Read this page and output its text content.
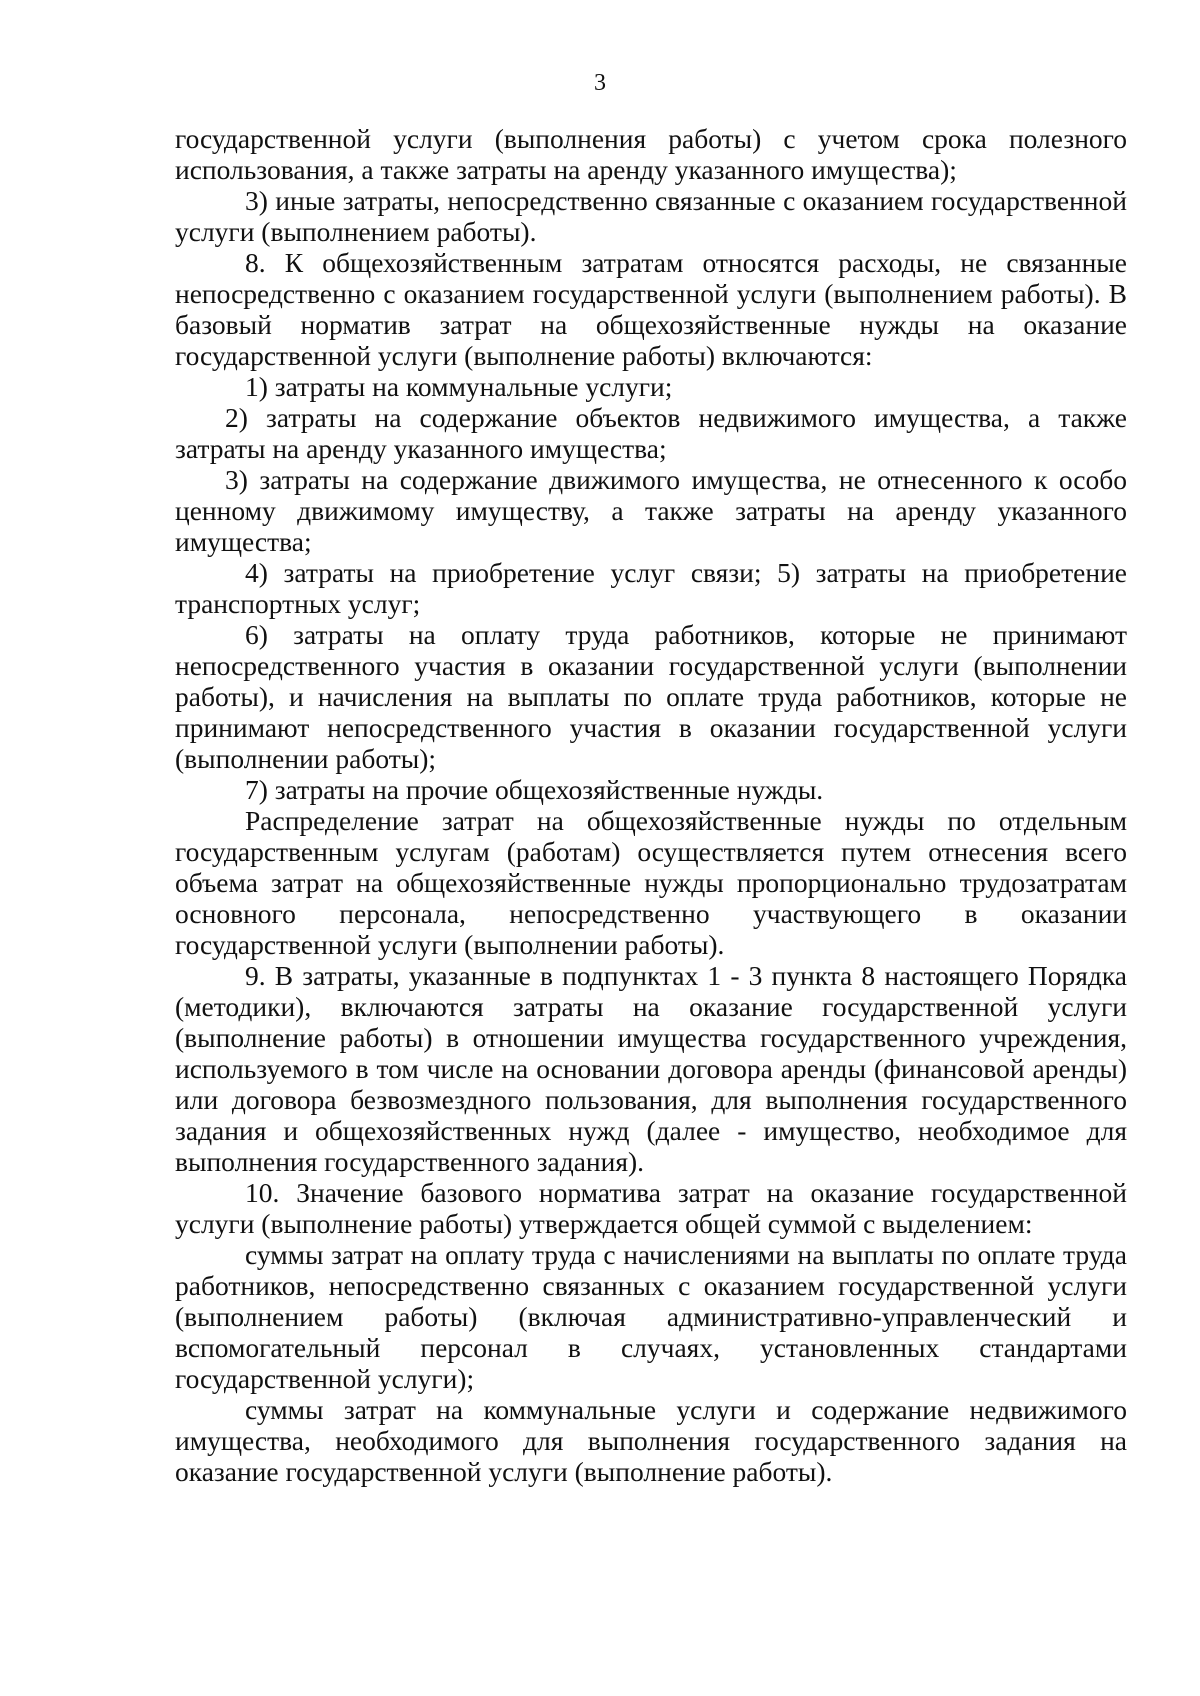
3

государственной услуги (выполнения работы) с учетом срока полезного использования, а также затраты на аренду указанного имущества);

3) иные затраты, непосредственно связанные с оказанием государственной услуги (выполнением работы).

8. К общехозяйственным затратам относятся расходы, не связанные непосредственно с оказанием государственной услуги (выполнением работы). В базовый норматив затрат на общехозяйственные нужды на оказание государственной услуги (выполнение работы) включаются:

1) затраты на коммунальные услуги;

2) затраты на содержание объектов недвижимого имущества, а также затраты на аренду указанного имущества;

3) затраты на содержание движимого имущества, не отнесенного к особо ценному движимому имуществу, а также затраты на аренду указанного имущества;

4) затраты на приобретение услуг связи; 5) затраты на приобретение транспортных услуг;

6) затраты на оплату труда работников, которые не принимают непосредственного участия в оказании государственной услуги (выполнении работы), и начисления на выплаты по оплате труда работников, которые не принимают непосредственного участия в оказании государственной услуги (выполнении работы);

7) затраты на прочие общехозяйственные нужды.

Распределение затрат на общехозяйственные нужды по отдельным государственным услугам (работам) осуществляется путем отнесения всего объема затрат на общехозяйственные нужды пропорционально трудозатратам основного персонала, непосредственно участвующего в оказании государственной услуги (выполнении работы).

9. В затраты, указанные в подпунктах 1 - 3 пункта 8 настоящего Порядка (методики), включаются затраты на оказание государственной услуги (выполнение работы) в отношении имущества государственного учреждения, используемого в том числе на основании договора аренды (финансовой аренды) или договора безвозмездного пользования, для выполнения государственного задания и общехозяйственных нужд (далее - имущество, необходимое для выполнения государственного задания).

10. Значение базового норматива затрат на оказание государственной услуги (выполнение работы) утверждается общей суммой с выделением:

суммы затрат на оплату труда с начислениями на выплаты по оплате труда работников, непосредственно связанных с оказанием государственной услуги (выполнением работы) (включая административно-управленческий и вспомогательный персонал в случаях, установленных стандартами государственной услуги);

суммы затрат на коммунальные услуги и содержание недвижимого имущества, необходимого для выполнения государственного задания на оказание государственной услуги (выполнение работы).
